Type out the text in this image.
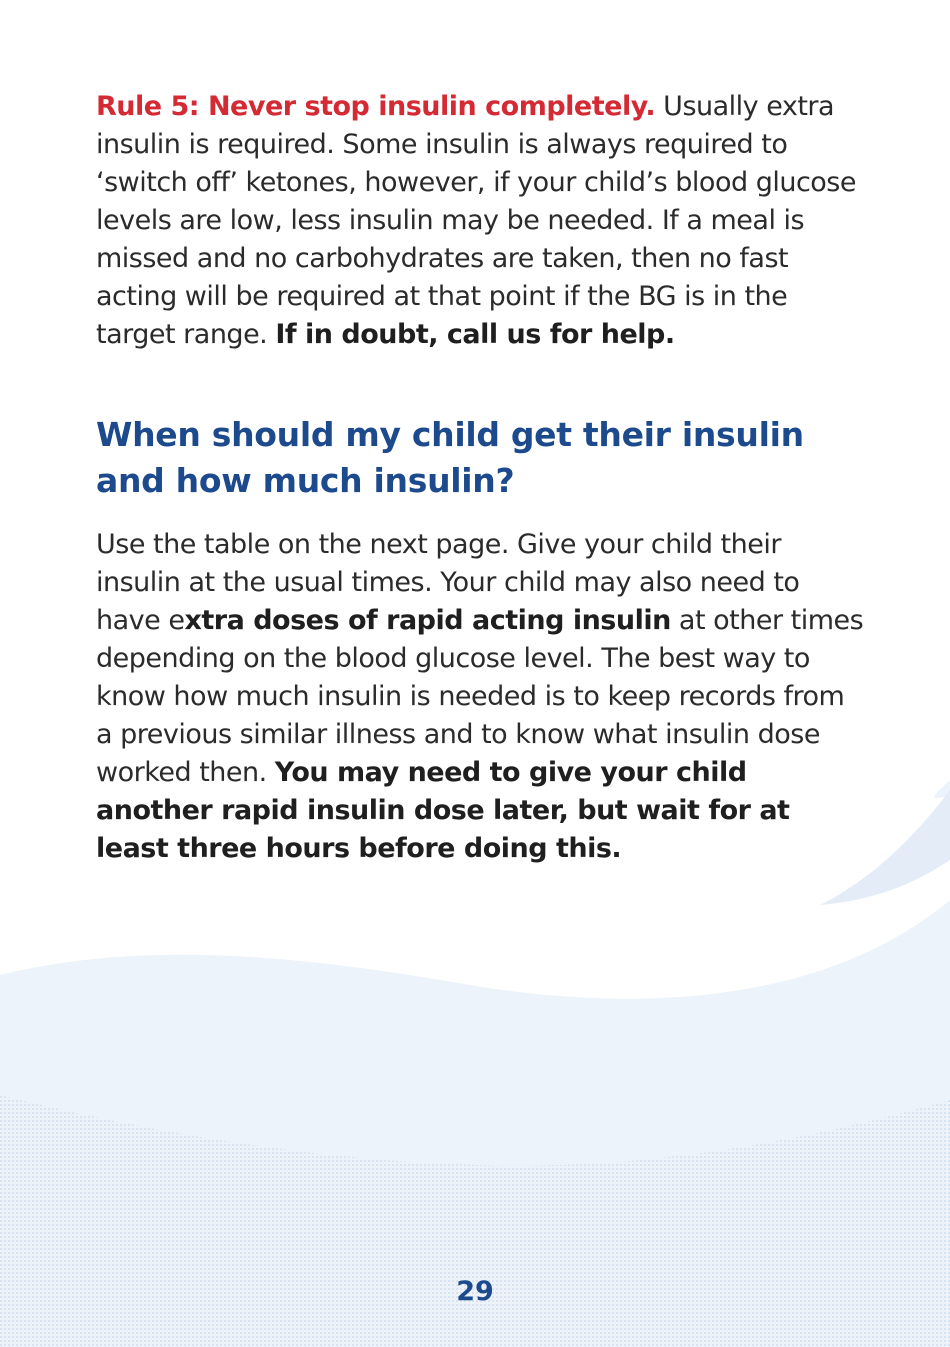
Rule 5: Never stop insulin completely. Usually extra insulin is required. Some insulin is always required to ‘switch off’ ketones, however, if your child’s blood glucose levels are low, less insulin may be needed. If a meal is missed and no carbohydrates are taken, then no fast acting will be required at that point if the BG is in the target range. If in doubt, call us for help.

When should my child get their insulin and how much insulin?

Use the table on the next page. Give your child their insulin at the usual times. Your child may also need to have extra doses of rapid acting insulin at other times depending on the blood glucose level. The best way to know how much insulin is needed is to keep records from a previous similar illness and to know what insulin dose worked then. You may need to give your child another rapid insulin dose later, but wait for at least three hours before doing this.

29
